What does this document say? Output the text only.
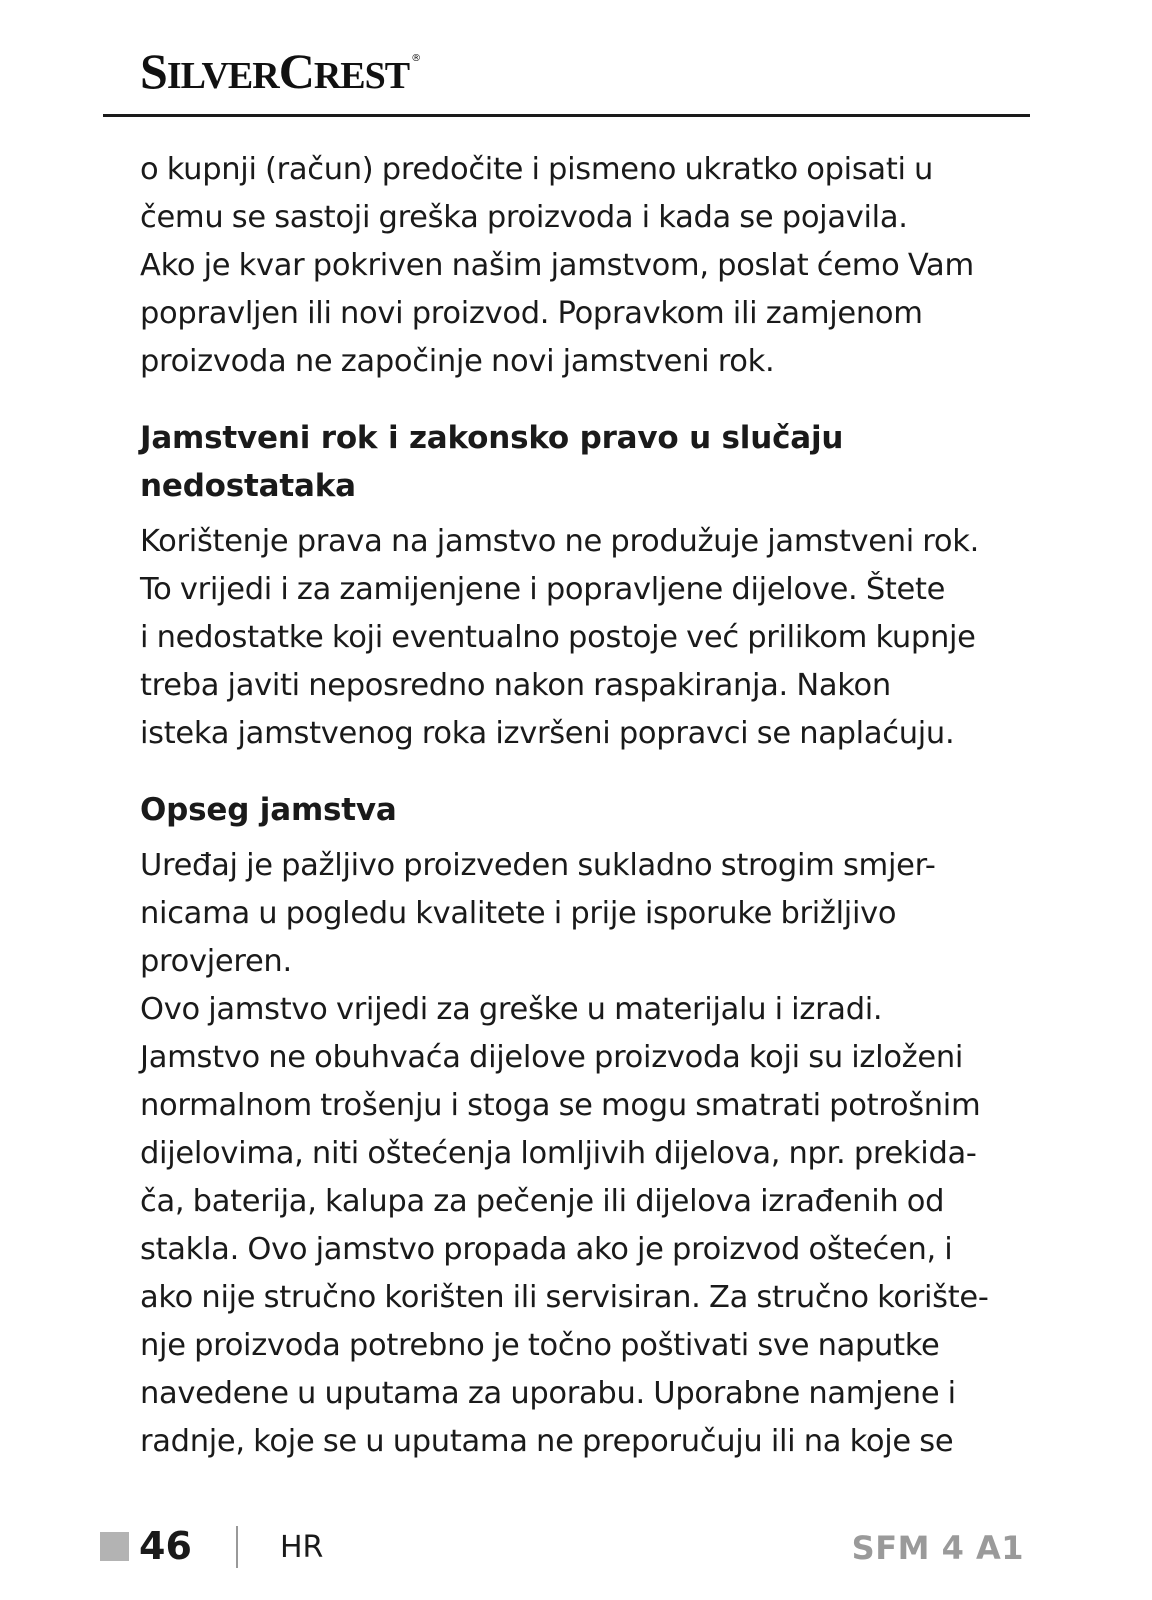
SILVERCREST ®

o kupnji (račun) predočite i pismeno ukratko opisati u
čemu se sastoji greška proizvoda i kada se pojavila.
Ako je kvar pokriven našim jamstvom, poslat ćemo Vam
popravljen ili novi proizvod. Popravkom ili zamjenom
proizvoda ne započinje novi jamstveni rok.

Jamstveni rok i zakonsko pravo u slučaju
nedostataka

Korištenje prava na jamstvo ne produžuje jamstveni rok.
To vrijedi i za zamijenjene i popravljene dijelove. Štete
i nedostatke koji eventualno postoje već prilikom kupnje
treba javiti neposredno nakon raspakiranja. Nakon
isteka jamstvenog roka izvršeni popravci se naplaćuju.

Opseg jamstva

Uređaj je pažljivo proizveden sukladno strogim smjer-
nicama u pogledu kvalitete i prije isporuke brižljivo
provjeren.

Ovo jamstvo vrijedi za greške u materijalu i izradi.
Jamstvo ne obuhvaća dijelove proizvoda koji su izloženi
normalnom trošenju i stoga se mogu smatrati potrošnim
dijelovima, niti oštećenja lomljivih dijelova, npr. prekida-
ča, baterija, kalupa za pečenje ili dijelova izrađenih od
stakla. Ovo jamstvo propada ako je proizvod oštećen, i
ako nije stručno korišten ili servisiran. Za stručno korište-
nje proizvoda potrebno je točno poštivati sve naputke
navedene u uputama za uporabu. Uporabne namjene i
radnje, koje se u uputama ne preporučuju ili na koje se

46	HR	SFM 4 A1
